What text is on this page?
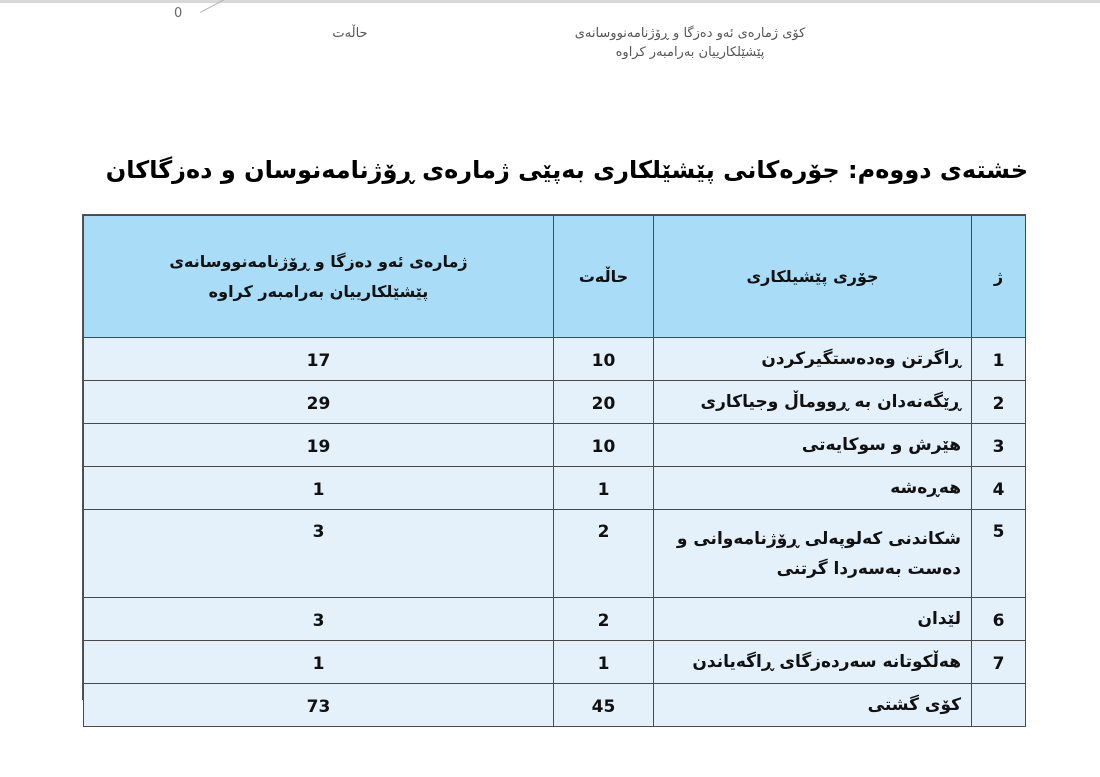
0
حاڵەت	کۆی ژمارەی ئەو دەزگا و ڕۆژنامەنووسانەی
پێشێلکارییان بەرامبەر کراوە
خشتەی دووەم: جۆرەکانی پێشێلکاری بەپێی ژمارەی ڕۆژنامەنوسان و دەزگاکان
ژ	جۆری پێشیلکاری	حاڵەت	ژمارەی ئەو دەزگا و ڕۆژنامەنووسانەی
پێشێلکارییان بەرامبەر کراوە

1	ڕاگرتن وەدەستگیرکردن	10	17
2	ڕێگەنەدان بە ڕووماڵ وجیاکاری	20	29
3	هێرش و سوکایەتی	10	19
4	هەڕەشە	1	1
5	شکاندنی کەلوپەلی ڕۆژنامەوانی و
دەست بەسەردا گرتنی	2	3
6	لێدان	2	3
7	هەڵکوتانە سەردەزگای ڕاگەیاندن	1	1
	کۆی گشتی	45	73
